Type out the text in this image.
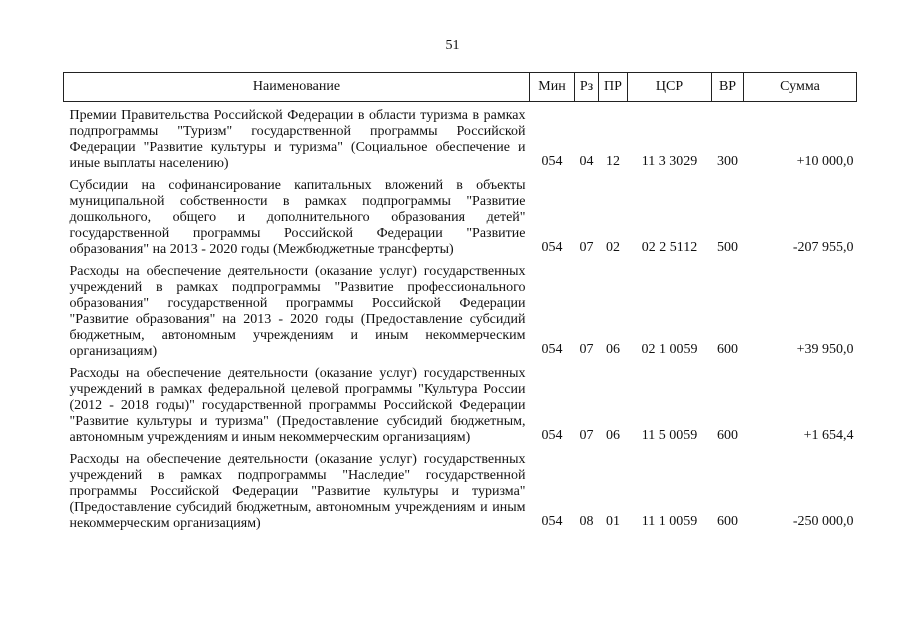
51
Наименование	Мин	Рз	ПР	ЦСР	ВР	Сумма
Премии Правительства Российской Федерации в области туризма в рамках подпрограммы "Туризм" государственной программы Российской Федерации "Развитие культуры и туризма" (Социальное обеспечение и иные выплаты населению)	054	04	12	11 3 3029	300	+10 000,0
Субсидии на софинансирование капитальных вложений в объекты муниципальной собственности в рамках подпрограммы "Развитие дошкольного, общего и дополнительного образования детей" государственной программы Российской Федерации "Развитие образования" на 2013 - 2020 годы (Межбюджетные трансферты)	054	07	02	02 2 5112	500	-207 955,0
Расходы на обеспечение деятельности (оказание услуг) государственных учреждений в рамках подпрограммы "Развитие профессионального образования" государственной программы Российской Федерации "Развитие образования" на 2013 - 2020 годы (Предоставление субсидий бюджетным, автономным учреждениям и иным некоммерческим организациям)	054	07	06	02 1 0059	600	+39 950,0
Расходы на обеспечение деятельности (оказание услуг) государственных учреждений в рамках федеральной целевой программы "Культура России (2012 - 2018 годы)" государственной программы Российской Федерации "Развитие культуры и туризма" (Предоставление субсидий бюджетным, автономным учреждениям и иным некоммерческим организациям)	054	07	06	11 5 0059	600	+1 654,4
Расходы на обеспечение деятельности (оказание услуг) государственных учреждений в рамках подпрограммы "Наследие" государственной программы Российской Федерации "Развитие культуры и туризма" (Предоставление субсидий бюджетным, автономным учреждениям и иным некоммерческим организациям)	054	08	01	11 1 0059	600	-250 000,0
